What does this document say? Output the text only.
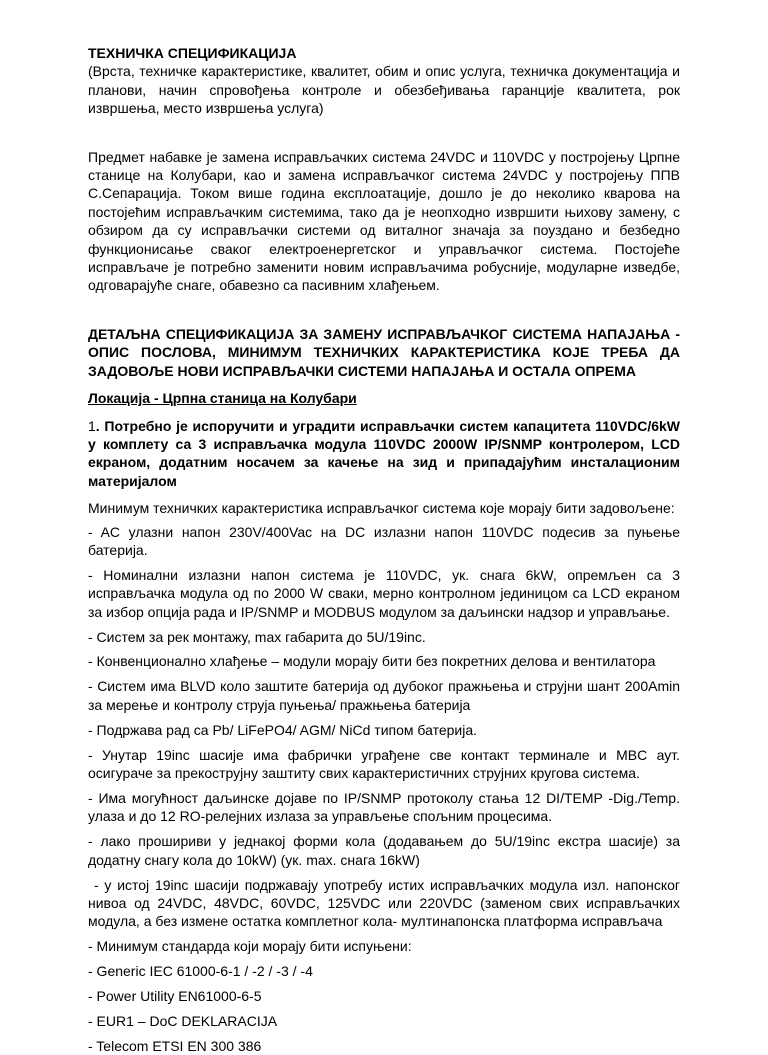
ТЕХНИЧКА СПЕЦИФИКАЦИЈА
(Врста, техничке карактеристике, квалитет, обим и опис услуга, техничка документација и планови, начин спровођења контроле и обезбеђивања гаранције квалитета, рок извршења, место извршења услуга)
Предмет набавке је замена исправљачких система 24VDC и 110VDC у постројењу Црпне станице на Колубари, као и замена исправљачког система 24VDC у постројењу ППВ С.Сепарација. Током више година експлоатације, дошло је до неколико кварова на постојећим исправљачким системима, тако да је неопходно извршити њихову замену, с обзиром да су исправљачки системи од виталног значаја за поуздано и безбедно функционисање сваког електроенергетског и управљачког система. Постојеће исправљаче је потребно заменити новим исправљачима робусније, модуларне изведбе, одговарајуће снаге, обавезно са пасивним хлађењем.
ДЕТАЉНА СПЕЦИФИКАЦИЈА ЗА ЗАМЕНУ ИСПРАВЉАЧКОГ СИСТЕМА НАПАЈАЊА - ОПИС ПОСЛОВА, МИНИМУМ ТЕХНИЧКИХ КАРАКТЕРИСТИКА КОЈЕ ТРЕБА ДА ЗАДОВОЉЕ НОВИ ИСПРАВЉАЧКИ СИСТЕМИ НАПАЈАЊА И ОСТАЛА ОПРЕМА
Локација - Црпна станица на Колубари
1. Потребно је испоручити и уградити исправљачки систем капацитета 110VDC/6kW у комплету са 3 исправљачка модула 110VDC 2000W IP/SNMP контролером, LCD екраном, додатним носачем за качење на зид и припадајућим инсталационим материјалом
Минимум техничких карактеристика исправљачког система које морају бити задовољене:
- AC улазни напон 230V/400Vac на DC излазни напон 110VDC подесив за пуњење батерија.
- Номинални излазни напон система је 110VDC, ук. снага 6kW, опремљен са 3 исправљачка модула од по 2000 W сваки, мерно контролном јединицом са LCD екраном за избор опција рада и IP/SNMP и MODBUS модулом за даљински надзор и управљање.
- Систем за рек монтажу, max габарита до 5U/19inc.
- Конвенционално хлађење – модули морају бити без покретних делова и вентилатора
- Систем има BLVD коло заштите батерија од дубоког пражњења и струјни шант 200Amin за мерење и контролу струја пуњења/ пражњења батерија
- Подржава рад са Pb/ LiFePO4/ AGM/ NiCd типом батерија.
- Унутар 19inc шасије има фабрички уграђене све контакт терминале и MBC аут. осигураче за прекострујну заштиту свих карактеристичних струјних кругова система.
- Има могућност даљинске дојаве по IP/SNMP протоколу стања 12 DI/TEMP -Dig./Temp. улаза и до 12 RO-релејних излаза за управљење спољним процесима.
- лако прошириви у једнакој форми кола (додавањем до 5U/19inc екстра шасије) за додатну снагу кола до 10kW) (ук. max. снага 16kW)
- у истој 19inc шасији подржавају употребу истих исправљачких модула изл. напонског нивоа од 24VDC, 48VDC, 60VDC, 125VDC или 220VDC (заменом свих исправљачких модула, а без измене остатка комплетног кола- мултинапонска платформа исправљача
- Минимум стандарда који морају бити испуњени:
- Generic IEC 61000-6-1 / -2 / -3 / -4
- Power Utility EN61000-6-5
- EUR1 – DoC DEKLARACIJA
- Telecom ETSI EN 300 386
